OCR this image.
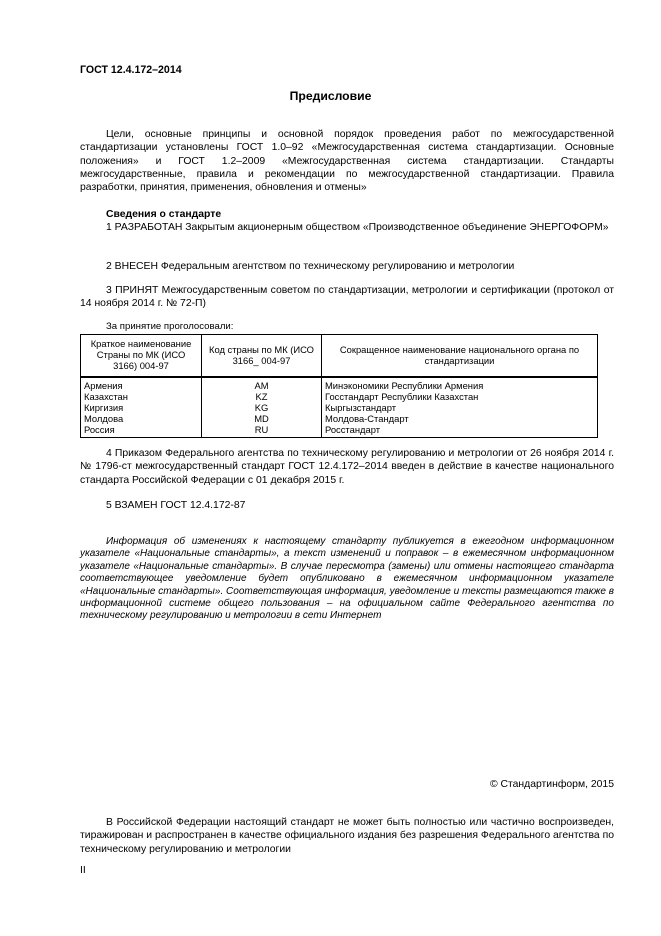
ГОСТ 12.4.172–2014
Предисловие
Цели, основные принципы и основной порядок проведения работ по межгосударственной стандартизации установлены ГОСТ 1.0–92 «Межгосударственная система стандартизации. Основные положения» и ГОСТ 1.2–2009 «Межгосударственная система стандартизации. Стандарты межгосударственные, правила и рекомендации по межгосударственной стандартизации. Правила разработки, принятия, применения, обновления и отмены»
Сведения о стандарте
1 РАЗРАБОТАН Закрытым акционерным обществом «Производственное объединение ЭНЕРГОФОРМ»
2 ВНЕСЕН Федеральным агентством по техническому регулированию и метрологии
3 ПРИНЯТ Межгосударственным советом по стандартизации, метрологии и сертификации (протокол от 14 ноября 2014 г. № 72-П)
За принятие проголосовали:
Краткое наименование Страны по МК (ИСО 3166) 004-97	Код страны по МК (ИСО 3166_ 004-97	Сокращенное наименование национального органа по стандартизации
Армения	AM	Минэкономики Республики Армения
Казахстан	KZ	Госстандарт Республики Казахстан
Киргизия	KG	Кыргызстандарт
Молдова	MD	Молдова-Стандарт
Россия	RU	Росстандарт
4 Приказом Федерального агентства по техническому регулированию и метрологии от 26 ноября 2014 г. № 1796-ст межгосударственный стандарт ГОСТ 12.4.172–2014 введен в действие в качестве национального стандарта Российской Федерации с 01 декабря 2015 г.
5 ВЗАМЕН ГОСТ 12.4.172-87
Информация об изменениях к настоящему стандарту публикуется в ежегодном информационном указателе «Национальные стандарты», а текст изменений и поправок – в ежемесячном информационном указателе «Национальные стандарты». В случае пересмотра (замены) или отмены настоящего стандарта соответствующее уведомление будет опубликовано в ежемесячном информационном указателе «Национальные стандарты». Соответствующая информация, уведомление и тексты размещаются также в информационной системе общего пользования – на официальном сайте Федерального агентства по техническому регулированию и метрологии в сети Интернет
© Стандартинформ, 2015
В Российской Федерации настоящий стандарт не может быть полностью или частично воспроизведен, тиражирован и распространен в качестве официального издания без разрешения Федерального агентства по техническому регулированию и метрологии
II
